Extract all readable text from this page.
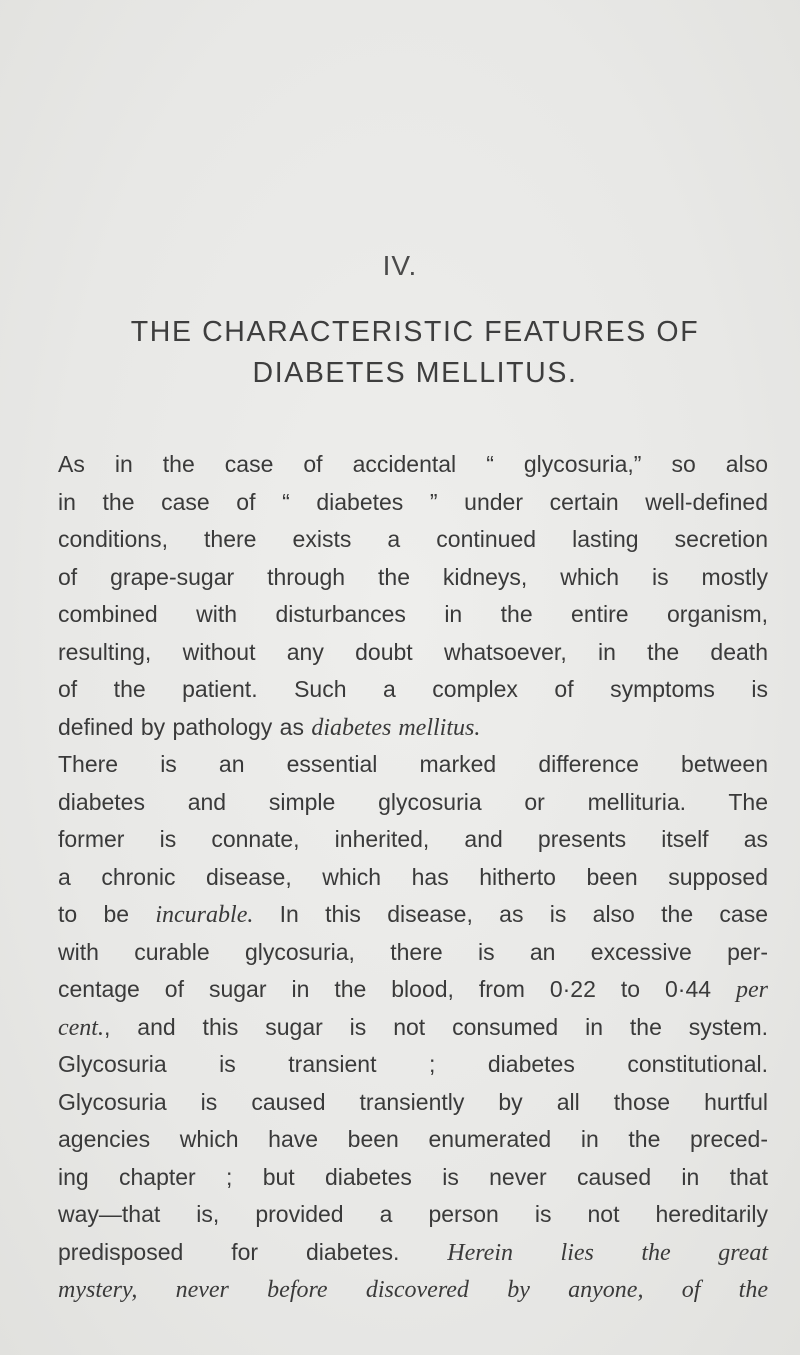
IV.
THE CHARACTERISTIC FEATURES OF
DIABETES MELLITUS.
As in the case of accidental “ glycosuria,” so also
in the case of “ diabetes ” under certain well-defined
conditions, there exists a continued lasting secretion
of grape-sugar through the kidneys, which is mostly
combined with disturbances in the entire organism,
resulting, without any doubt whatsoever, in the death
of the patient. Such a complex of symptoms is
defined by pathology as diabetes mellitus.
There is an essential marked difference between
diabetes and simple glycosuria or mellituria. The
former is connate, inherited, and presents itself as
a chronic disease, which has hitherto been supposed
to be incurable. In this disease, as is also the case
with curable glycosuria, there is an excessive per-
centage of sugar in the blood, from 0·22 to 0·44 per
cent., and this sugar is not consumed in the system.
Glycosuria is transient ; diabetes constitutional.
Glycosuria is caused transiently by all those hurtful
agencies which have been enumerated in the preced-
ing chapter ; but diabetes is never caused in that
way—that is, provided a person is not hereditarily
predisposed for diabetes. Herein lies the great
mystery, never before discovered by anyone, of the
